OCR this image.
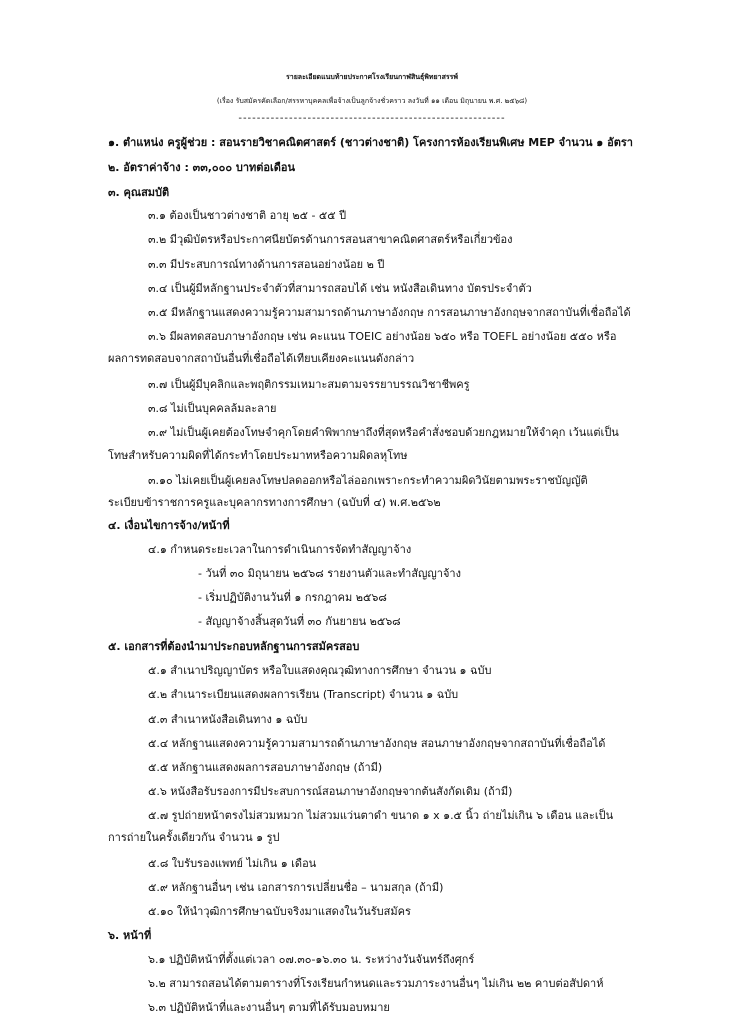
รายละเอียดแนบท้ายประกาศโรงเรียนกาฬสินธุ์พิทยาสรรพ์
(เรื่อง รับสมัครคัดเลือก/สรรหาบุคคลเพื่อจ้างเป็นลูกจ้างชั่วคราว ลงวันที่ ๑๑ เดือน มิถุนายน พ.ศ. ๒๕๖๘)
----------------------------------------------------------
๑. ตำแหน่ง ครูผู้ช่วย : สอนรายวิชาคณิตศาสตร์ (ชาวต่างชาติ) โครงการห้องเรียนพิเศษ MEP จำนวน ๑ อัตรา
๒. อัตราค่าจ้าง : ๓๓,๐๐๐ บาทต่อเดือน
๓. คุณสมบัติ
๓.๑ ต้องเป็นชาวต่างชาติ อายุ ๒๕ - ๕๕ ปี
๓.๒ มีวุฒิบัตรหรือประกาศนียบัตรด้านการสอนสาขาคณิตศาสตร์หรือเกี่ยวข้อง
๓.๓ มีประสบการณ์ทางด้านการสอนอย่างน้อย ๒ ปี
๓.๔ เป็นผู้มีหลักฐานประจำตัวที่สามารถสอบได้ เช่น หนังสือเดินทาง บัตรประจำตัว
๓.๕ มีหลักฐานแสดงความรู้ความสามารถด้านภาษาอังกฤษ การสอนภาษาอังกฤษจากสถาบันที่เชื่อถือได้
๓.๖ มีผลทดสอบภาษาอังกฤษ เช่น คะแนน TOEIC อย่างน้อย ๖๕๐ หรือ TOEFL อย่างน้อย ๕๕๐ หรือ
ผลการทดสอบจากสถาบันอื่นที่เชื่อถือได้เทียบเคียงคะแนนดังกล่าว
๓.๗ เป็นผู้มีบุคลิกและพฤติกรรมเหมาะสมตามจรรยาบรรณวิชาชีพครู
๓.๘ ไม่เป็นบุคคลล้มละลาย
๓.๙ ไม่เป็นผู้เคยต้องโทษจำคุกโดยคำพิพากษาถึงที่สุดหรือคำสั่งชอบด้วยกฎหมายให้จำคุก เว้นแต่เป็น
โทษสำหรับความผิดที่ได้กระทำโดยประมาทหรือความผิดลหุโทษ
๓.๑๐ ไม่เคยเป็นผู้เคยลงโทษปลดออกหรือไล่ออกเพราะกระทำความผิดวินัยตามพระราชบัญญัติ
ระเบียบข้าราชการครูและบุคลากรทางการศึกษา (ฉบับที่ ๔) พ.ศ.๒๕๖๒
๔. เงื่อนไขการจ้าง/หน้าที่
๔.๑ กำหนดระยะเวลาในการดำเนินการจัดทำสัญญาจ้าง
- วันที่ ๓๐ มิถุนายน ๒๕๖๘ รายงานตัวและทำสัญญาจ้าง
- เริ่มปฏิบัติงานวันที่ ๑ กรกฎาคม ๒๕๖๘
- สัญญาจ้างสิ้นสุดวันที่ ๓๐ กันยายน ๒๕๖๘
๕. เอกสารที่ต้องนำมาประกอบหลักฐานการสมัครสอบ
๕.๑ สำเนาปริญญาบัตร หรือใบแสดงคุณวุฒิทางการศึกษา จำนวน ๑ ฉบับ
๕.๒ สำเนาระเบียนแสดงผลการเรียน (Transcript) จำนวน ๑ ฉบับ
๕.๓ สำเนาหนังสือเดินทาง ๑ ฉบับ
๕.๔ หลักฐานแสดงความรู้ความสามารถด้านภาษาอังกฤษ สอนภาษาอังกฤษจากสถาบันที่เชื่อถือได้
๕.๕ หลักฐานแสดงผลการสอบภาษาอังกฤษ (ถ้ามี)
๕.๖ หนังสือรับรองการมีประสบการณ์สอนภาษาอังกฤษจากต้นสังกัดเดิม (ถ้ามี)
๕.๗ รูปถ่ายหน้าตรงไม่สวมหมวก ไม่สวมแว่นตาดำ ขนาด ๑ x ๑.๕ นิ้ว ถ่ายไม่เกิน ๖ เดือน และเป็น
การถ่ายในครั้งเดียวกัน จำนวน ๑ รูป
๕.๘ ใบรับรองแพทย์ ไม่เกิน ๑ เดือน
๕.๙ หลักฐานอื่นๆ เช่น เอกสารการเปลี่ยนชื่อ – นามสกุล (ถ้ามี)
๕.๑๐ ให้นำวุฒิการศึกษาฉบับจริงมาแสดงในวันรับสมัคร
๖. หน้าที่
๖.๑ ปฏิบัติหน้าที่ตั้งแต่เวลา ๐๗.๓๐-๑๖.๓๐ น. ระหว่างวันจันทร์ถึงศุกร์
๖.๒ สามารถสอนได้ตามตารางที่โรงเรียนกำหนดและรวมภาระงานอื่นๆ ไม่เกิน ๒๒ คาบต่อสัปดาห์
๖.๓ ปฏิบัติหน้าที่และงานอื่นๆ ตามที่ได้รับมอบหมาย
